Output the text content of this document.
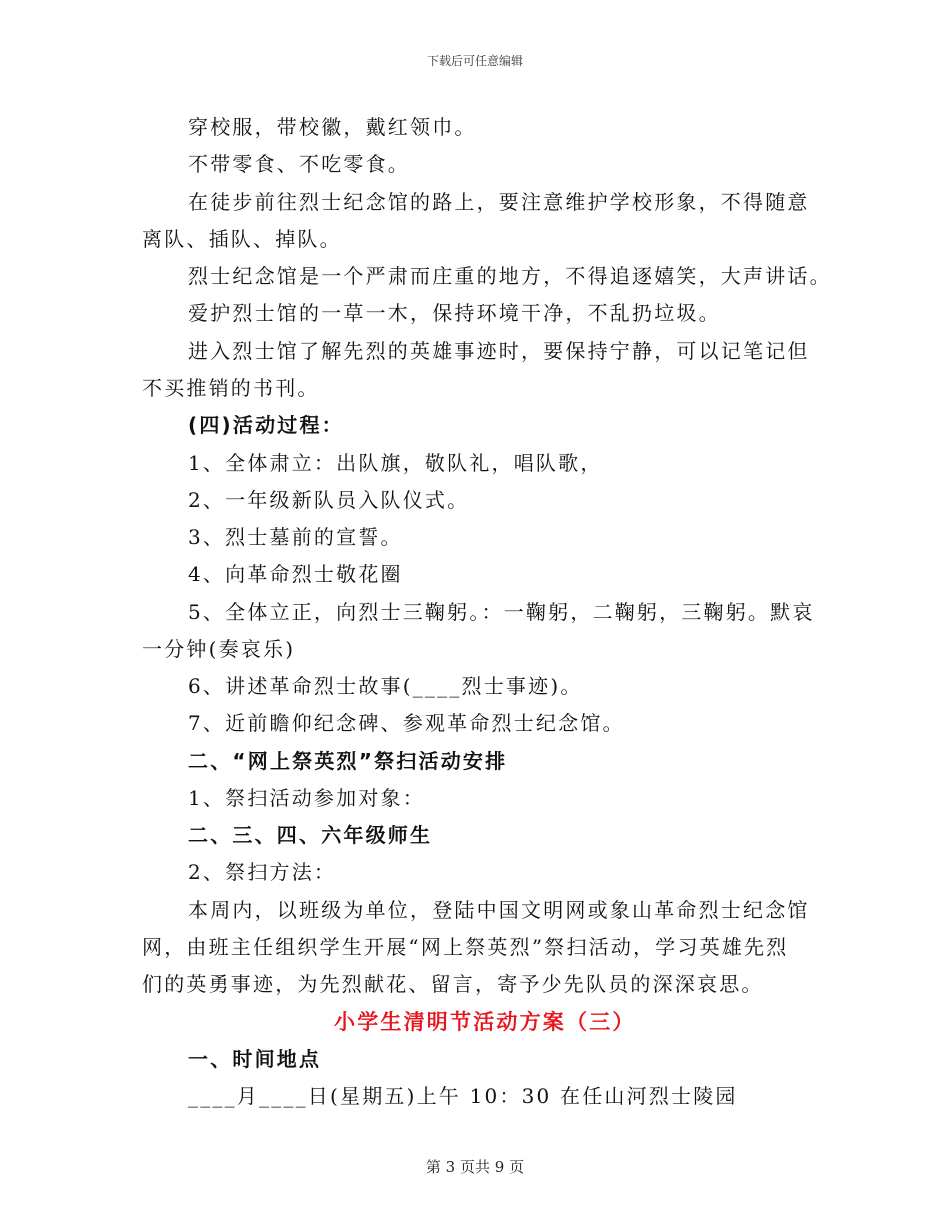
下载后可任意编辑
穿校服，带校徽，戴红领巾。
不带零食、不吃零食。
在徒步前往烈士纪念馆的路上，要注意维护学校形象，不得随意
离队、插队、掉队。
烈士纪念馆是一个严肃而庄重的地方，不得追逐嬉笑，大声讲话。
爱护烈士馆的一草一木，保持环境干净，不乱扔垃圾。
进入烈士馆了解先烈的英雄事迹时，要保持宁静，可以记笔记但
不买推销的书刊。
(四)活动过程：
1、全体肃立：出队旗，敬队礼，唱队歌，
2、一年级新队员入队仪式。
3、烈士墓前的宣誓。
4、向革命烈士敬花圈
5、全体立正，向烈士三鞠躬。：一鞠躬，二鞠躬，三鞠躬。默哀
一分钟(奏哀乐)
6、讲述革命烈士故事(____烈士事迹)。
7、近前瞻仰纪念碑、参观革命烈士纪念馆。
二、“网上祭英烈”祭扫活动安排
1、祭扫活动参加对象：
二、三、四、六年级师生
2、祭扫方法：
本周内，以班级为单位，登陆中国文明网或象山革命烈士纪念馆
网，由班主任组织学生开展“网上祭英烈”祭扫活动，学习英雄先烈
们的英勇事迹，为先烈献花、留言，寄予少先队员的深深哀思。
小学生清明节活动方案（三）
一、时间地点
____月____日(星期五)上午 10：30 在任山河烈士陵园
第 3 页共 9 页
